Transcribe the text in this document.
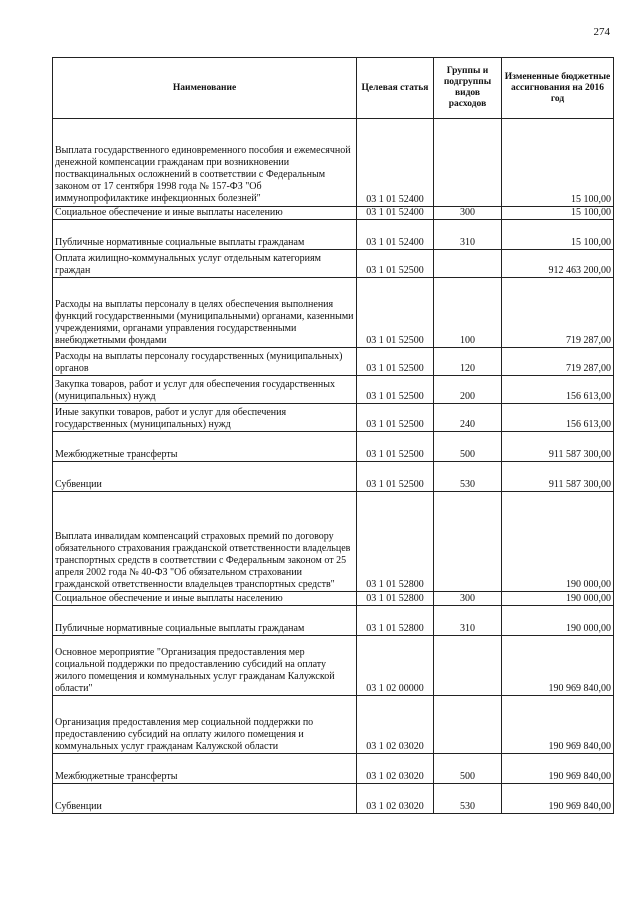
274
Наименование	Целевая статья	Группы и подгруппы видов расходов	Измененные бюджетные ассигнования на 2016 год
Выплата государственного единовременного пособия и ежемесячной денежной компенсации гражданам при возникновении поствакцинальных осложнений в соответствии с Федеральным законом от 17 сентября 1998 года № 157-ФЗ "Об иммунопрофилактике инфекционных болезней"	03 1 01 52400		15 100,00
Социальное обеспечение и иные выплаты населению	03 1 01 52400	300	15 100,00
Публичные нормативные социальные выплаты гражданам	03 1 01 52400	310	15 100,00
Оплата жилищно-коммунальных услуг отдельным категориям граждан	03 1 01 52500		912 463 200,00
Расходы на выплаты персоналу в целях обеспечения выполнения функций государственными (муниципальными) органами, казенными учреждениями, органами управления государственными внебюджетными фондами	03 1 01 52500	100	719 287,00
Расходы на выплаты персоналу государственных (муниципальных) органов	03 1 01 52500	120	719 287,00
Закупка товаров, работ и услуг для обеспечения государственных (муниципальных) нужд	03 1 01 52500	200	156 613,00
Иные закупки товаров, работ и услуг для обеспечения государственных (муниципальных) нужд	03 1 01 52500	240	156 613,00
Межбюджетные трансферты	03 1 01 52500	500	911 587 300,00
Субвенции	03 1 01 52500	530	911 587 300,00
Выплата инвалидам компенсаций страховых премий по договору обязательного страхования гражданской ответственности владельцев транспортных средств в соответствии с Федеральным законом от 25 апреля 2002 года № 40-ФЗ "Об обязательном страховании гражданской ответственности владельцев транспортных средств"	03 1 01 52800		190 000,00
Социальное обеспечение и иные выплаты населению	03 1 01 52800	300	190 000,00
Публичные нормативные социальные выплаты гражданам	03 1 01 52800	310	190 000,00
Основное мероприятие "Организация предоставления мер социальной поддержки по предоставлению субсидий на оплату жилого помещения и коммунальных услуг гражданам Калужской области"	03 1 02 00000		190 969 840,00
Организация предоставления мер социальной поддержки по предоставлению субсидий на оплату жилого помещения и коммунальных услуг гражданам Калужской области	03 1 02 03020		190 969 840,00
Межбюджетные трансферты	03 1 02 03020	500	190 969 840,00
Субвенции	03 1 02 03020	530	190 969 840,00
